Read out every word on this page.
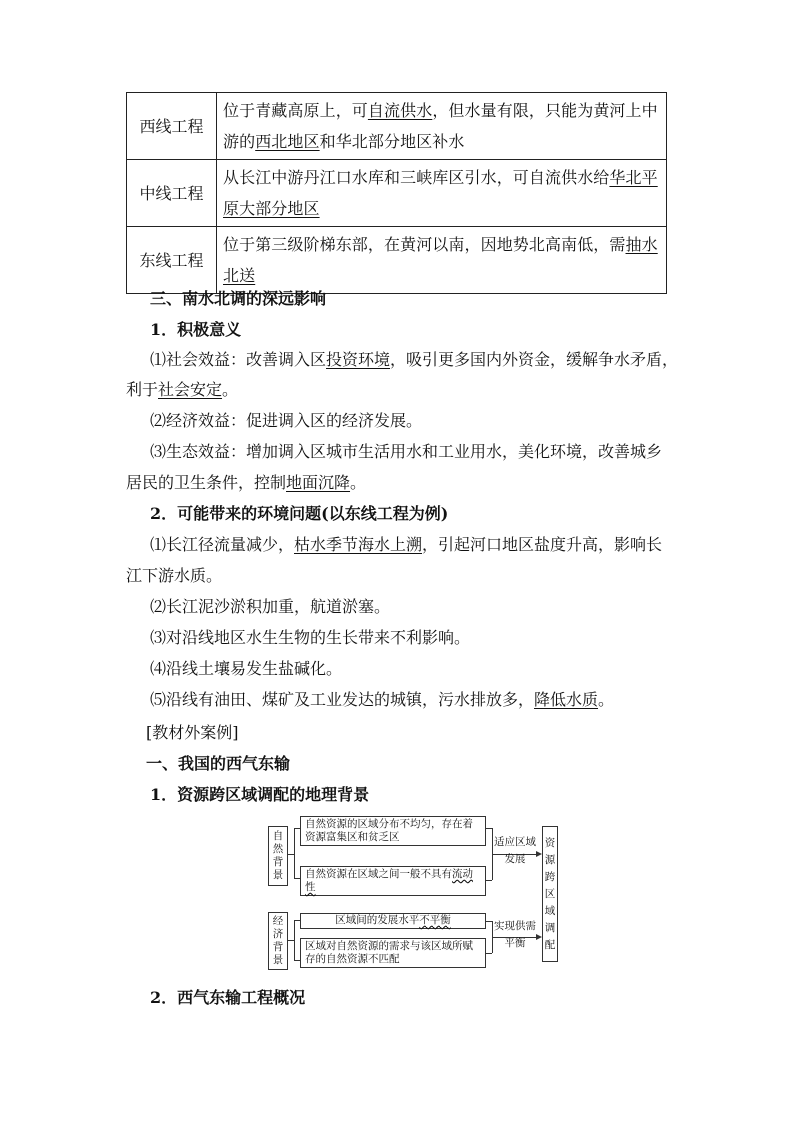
西线工程	位于青藏高原上，可自流供水，但水量有限，只能为黄河上中
游的西北地区和华北部分地区补水

中线工程	从长江中游丹江口水库和三峡库区引水，可自流供水给华北平
原大部分地区

东线工程	位于第三级阶梯东部，在黄河以南，因地势北高南低，需抽水
北送
三、南水北调的深远影响
1．积极意义
⑴社会效益：改善调入区投资环境，吸引更多国内外资金，缓解争水矛盾，
利于社会安定。
⑵经济效益：促进调入区的经济发展。
⑶生态效益：增加调入区城市生活用水和工业用水，美化环境，改善城乡
居民的卫生条件，控制地面沉降。
2．可能带来的环境问题(以东线工程为例)
⑴长江径流量减少，枯水季节海水上溯，引起河口地区盐度升高，影响长
江下游水质。
⑵长江泥沙淤积加重，航道淤塞。
⑶对沿线地区水生生物的生长带来不利影响。
⑷沿线土壤易发生盐碱化。
⑸沿线有油田、煤矿及工业发达的城镇，污水排放多，降低水质。
[教材外案例]
一、我国的西气东输
1．资源跨区域调配的地理背景
自
然
背
景
经
济
背
景
自然资源的区域分布不均匀，存在着
资源富集区和贫乏区
自然资源在区域之间一般不具有流动
性
区域间的发展水平不平衡
区域对自然资源的需求与该区域所赋
存的自然资源不匹配
适应区域
发展
实现供需
平衡
资
源
跨
区
域
调
配
2．西气东输工程概况
